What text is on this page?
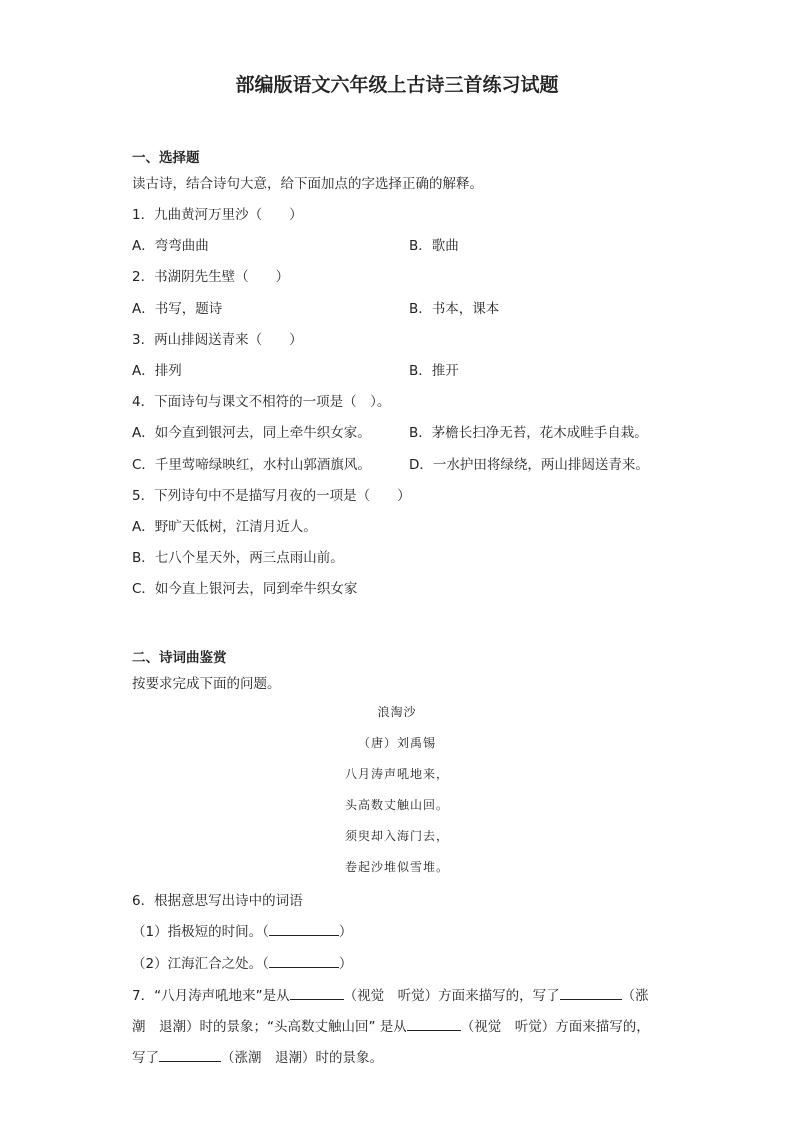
部编版语文六年级上古诗三首练习试题
一、选择题
读古诗，结合诗句大意，给下面加点的字选择正确的解释。
1．九曲黄河万里沙（　　）
A．弯弯曲曲	B．歌曲
2．书湖阴先生壁（　　）
A．书写，题诗	B．书本，课本
3．两山排闼送青来（　　）
A．排列	B．推开
4．下面诗句与课文不相符的一项是（　）。
A．如今直到银河去，同上牵牛织女家。	B．茅檐长扫净无苔，花木成畦手自栽。
C．千里莺啼绿映红，水村山郭酒旗风。	D．一水护田将绿绕，两山排闼送青来。
5．下列诗句中不是描写月夜的一项是（　　）
A．野旷天低树，江清月近人。
B．七八个星天外，两三点雨山前。
C．如今直上银河去，同到牵牛织女家
二、诗词曲鉴赏
按要求完成下面的问题。
浪淘沙
（唐）刘禹锡
八月涛声吼地来，
头高数丈触山回。
须臾却入海门去，
卷起沙堆似雪堆。
6．根据意思写出诗中的词语
（1）指极短的时间。（	）
（2）江海汇合之处。（	）
7．“八月涛声吼地来”是从	（视觉　听觉）方面来描写的，写了	（涨
潮　退潮）时的景象；“头高数丈触山回” 是从	（视觉　听觉）方面来描写的，
写了	（涨潮　退潮）时的景象。
